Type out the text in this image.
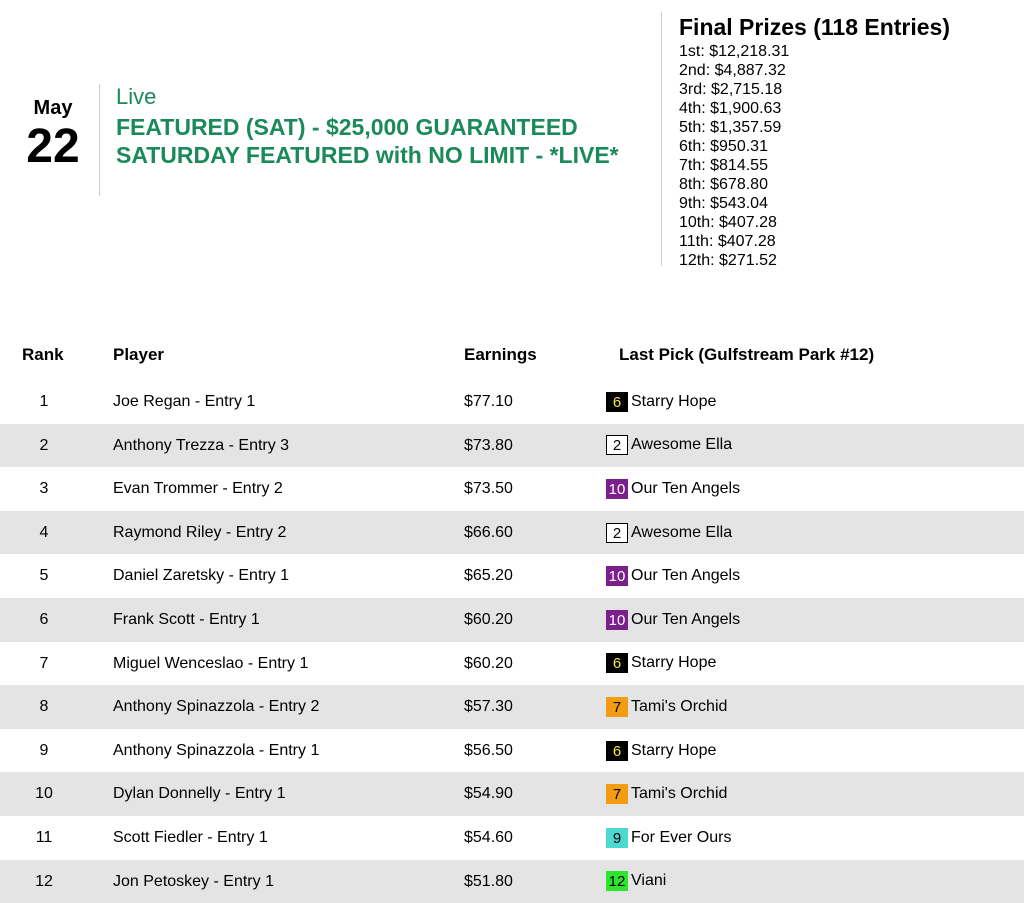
May
22
Live
FEATURED (SAT) - $25,000 GUARANTEED SATURDAY FEATURED with NO LIMIT - *LIVE*
Final Prizes (118 Entries)
1st: $12,218.31
2nd: $4,887.32
3rd: $2,715.18
4th: $1,900.63
5th: $1,357.59
6th: $950.31
7th: $814.55
8th: $678.80
9th: $543.04
10th: $407.28
11th: $407.28
12th: $271.52
Rank	Player	Earnings	Last Pick (Gulfstream Park #12)
1	Joe Regan - Entry 1	$77.10	6 Starry Hope
2	Anthony Trezza - Entry 3	$73.80	2 Awesome Ella
3	Evan Trommer - Entry 2	$73.50	10 Our Ten Angels
4	Raymond Riley - Entry 2	$66.60	2 Awesome Ella
5	Daniel Zaretsky - Entry 1	$65.20	10 Our Ten Angels
6	Frank Scott - Entry 1	$60.20	10 Our Ten Angels
7	Miguel Wenceslao - Entry 1	$60.20	6 Starry Hope
8	Anthony Spinazzola - Entry 2	$57.30	7 Tami's Orchid
9	Anthony Spinazzola - Entry 1	$56.50	6 Starry Hope
10	Dylan Donnelly - Entry 1	$54.90	7 Tami's Orchid
11	Scott Fiedler - Entry 1	$54.60	9 For Ever Ours
12	Jon Petoskey - Entry 1	$51.80	12 Viani
